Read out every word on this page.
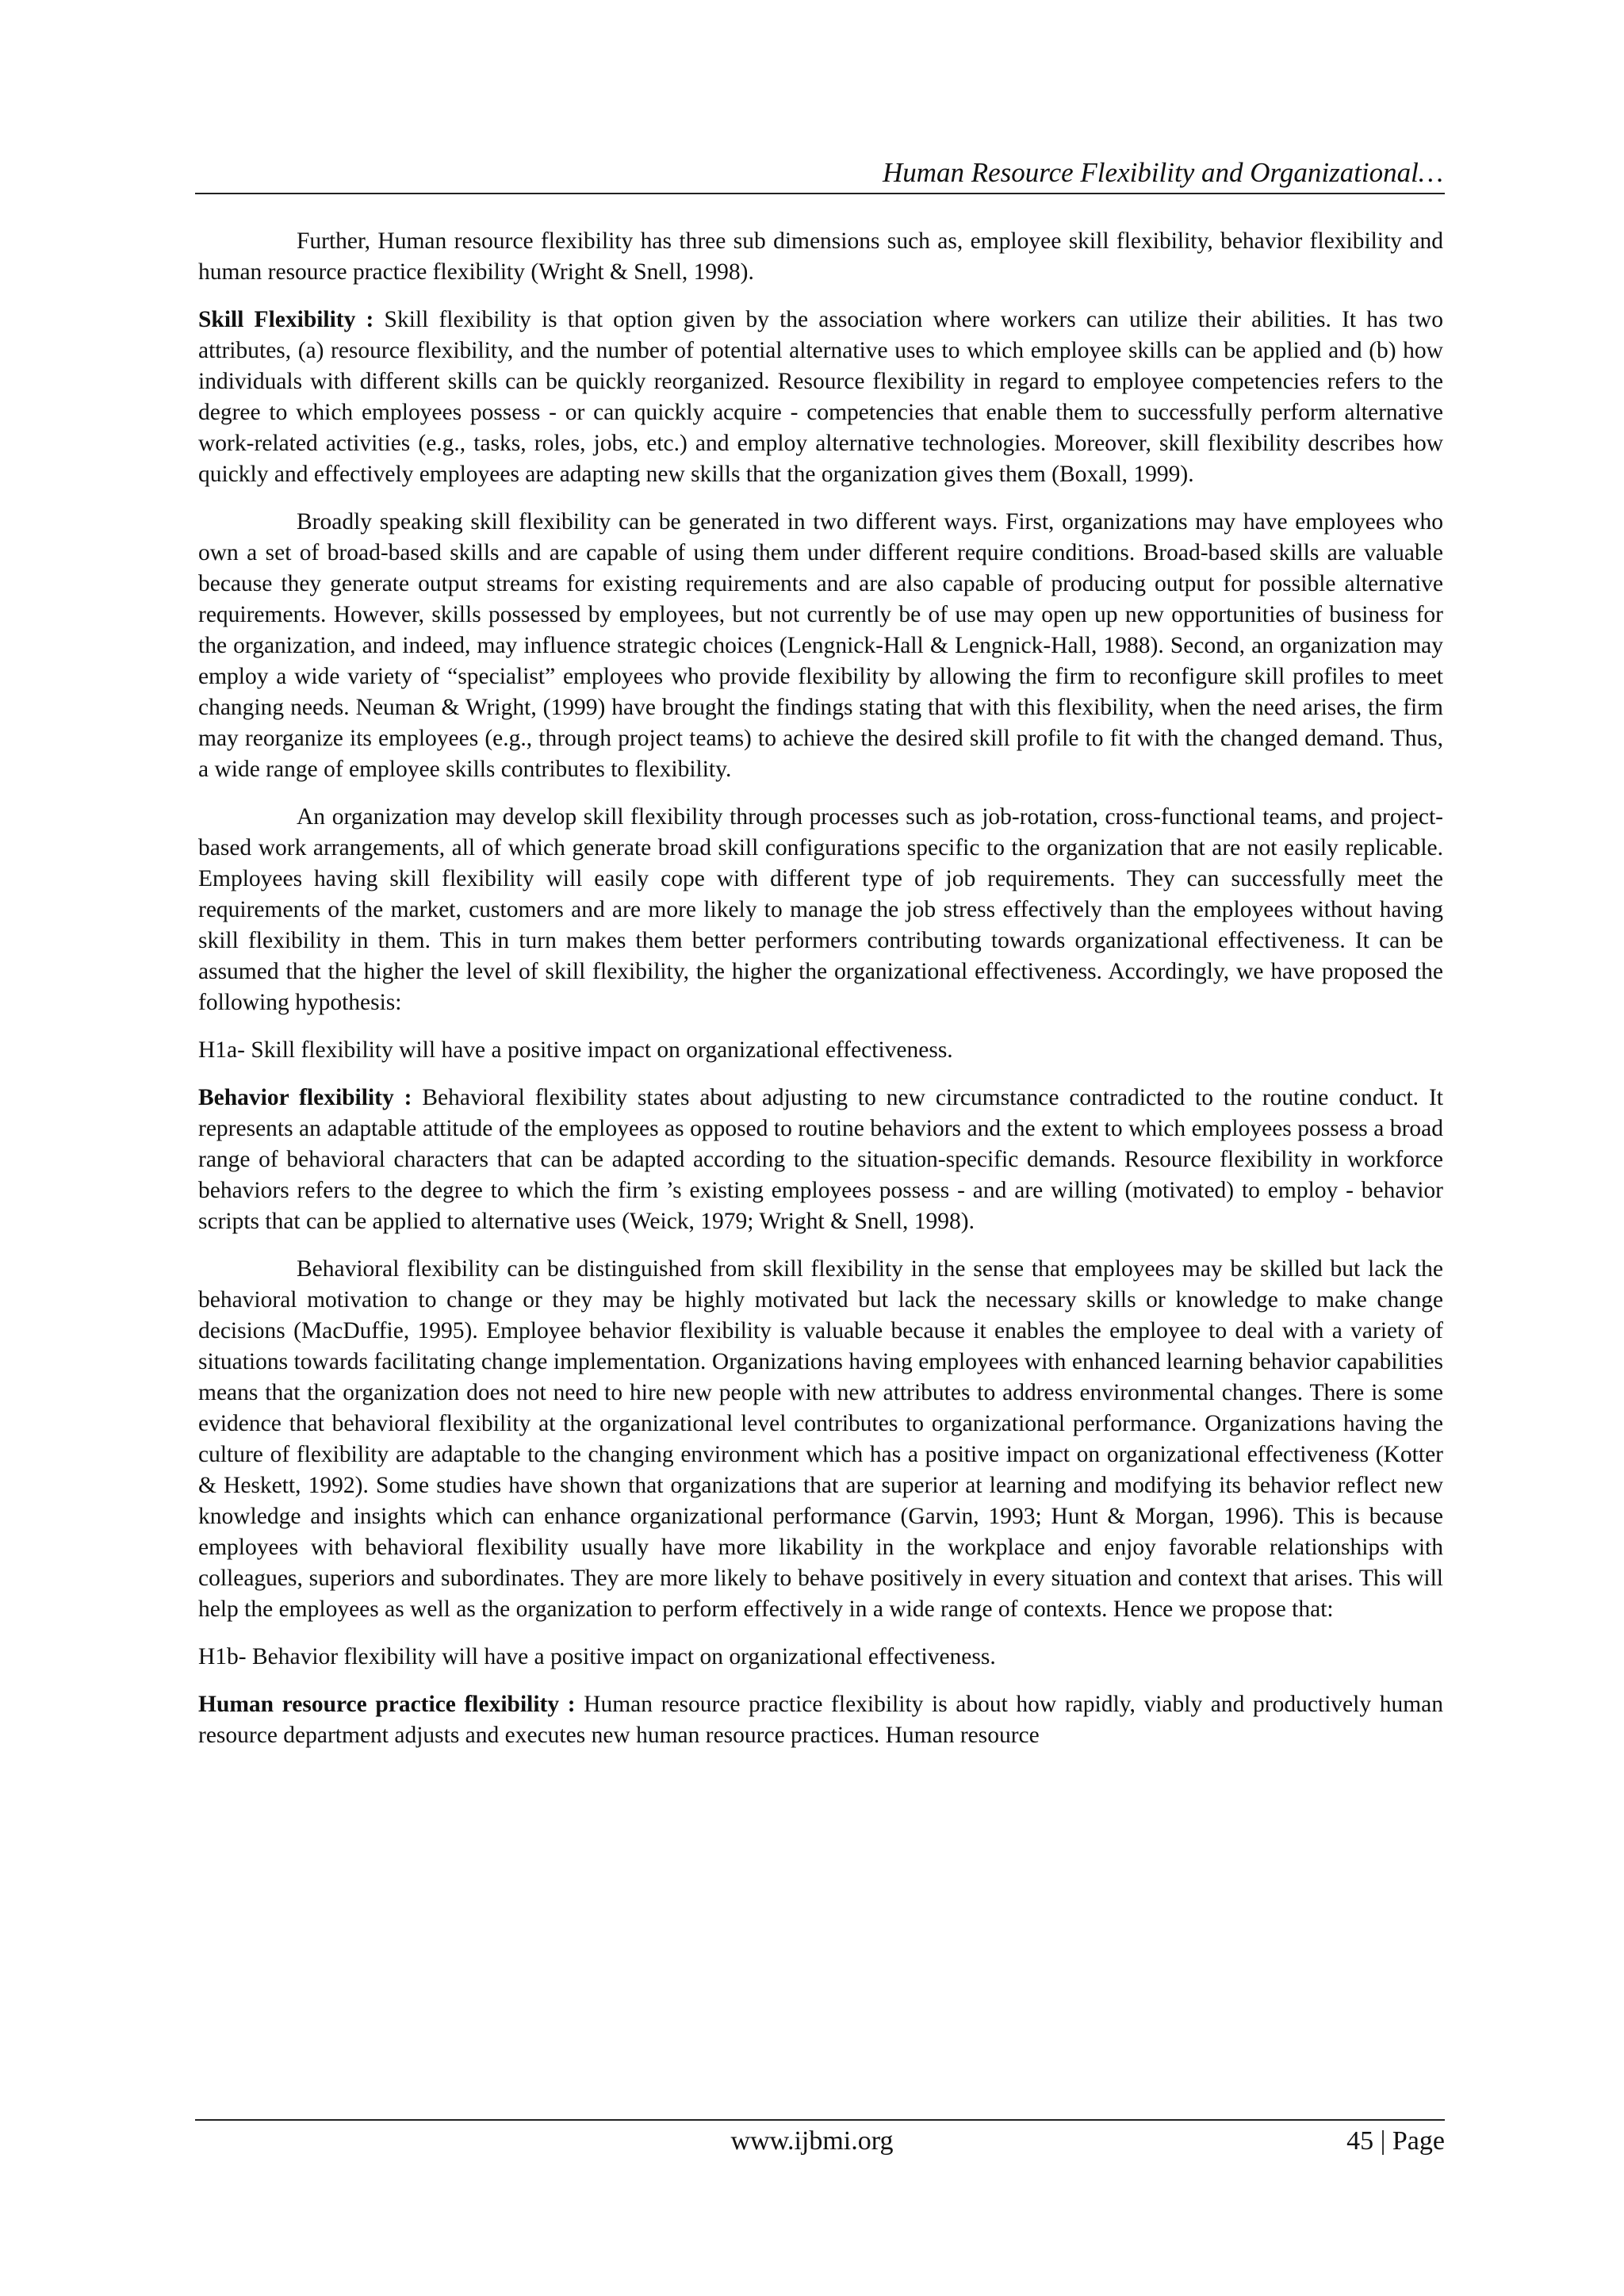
Human Resource Flexibility and Organizational…

Further, Human resource flexibility has three sub dimensions such as, employee skill flexibility, behavior flexibility and human resource practice flexibility (Wright & Snell, 1998).

Skill Flexibility : Skill flexibility is that option given by the association where workers can utilize their abilities. It has two attributes, (a) resource flexibility, and the number of potential alternative uses to which employee skills can be applied and (b) how individuals with different skills can be quickly reorganized. Resource flexibility in regard to employee competencies refers to the degree to which employees possess - or can quickly acquire - competencies that enable them to successfully perform alternative work-related activities (e.g., tasks, roles, jobs, etc.) and employ alternative technologies. Moreover, skill flexibility describes how quickly and effectively employees are adapting new skills that the organization gives them (Boxall, 1999).

Broadly speaking skill flexibility can be generated in two different ways. First, organizations may have employees who own a set of broad-based skills and are capable of using them under different require conditions. Broad-based skills are valuable because they generate output streams for existing requirements and are also capable of producing output for possible alternative requirements. However, skills possessed by employees, but not currently be of use may open up new opportunities of business for the organization, and indeed, may influence strategic choices (Lengnick-Hall & Lengnick-Hall, 1988). Second, an organization may employ a wide variety of “specialist” employees who provide flexibility by allowing the firm to reconfigure skill profiles to meet changing needs. Neuman & Wright, (1999) have brought the findings stating that with this flexibility, when the need arises, the firm may reorganize its employees (e.g., through project teams) to achieve the desired skill profile to fit with the changed demand. Thus, a wide range of employee skills contributes to flexibility.

An organization may develop skill flexibility through processes such as job-rotation, cross-functional teams, and project-based work arrangements, all of which generate broad skill configurations specific to the organization that are not easily replicable. Employees having skill flexibility will easily cope with different type of job requirements. They can successfully meet the requirements of the market, customers and are more likely to manage the job stress effectively than the employees without having skill flexibility in them. This in turn makes them better performers contributing towards organizational effectiveness. It can be assumed that the higher the level of skill flexibility, the higher the organizational effectiveness. Accordingly, we have proposed the following hypothesis:

H1a- Skill flexibility will have a positive impact on organizational effectiveness.

Behavior flexibility : Behavioral flexibility states about adjusting to new circumstance contradicted to the routine conduct. It represents an adaptable attitude of the employees as opposed to routine behaviors and the extent to which employees possess a broad range of behavioral characters that can be adapted according to the situation-specific demands. Resource flexibility in workforce behaviors refers to the degree to which the firm ’s existing employees possess - and are willing (motivated) to employ - behavior scripts that can be applied to alternative uses (Weick, 1979; Wright & Snell, 1998).

Behavioral flexibility can be distinguished from skill flexibility in the sense that employees may be skilled but lack the behavioral motivation to change or they may be highly motivated but lack the necessary skills or knowledge to make change decisions (MacDuffie, 1995). Employee behavior flexibility is valuable because it enables the employee to deal with a variety of situations towards facilitating change implementation. Organizations having employees with enhanced learning behavior capabilities means that the organization does not need to hire new people with new attributes to address environmental changes. There is some evidence that behavioral flexibility at the organizational level contributes to organizational performance. Organizations having the culture of flexibility are adaptable to the changing environment which has a positive impact on organizational effectiveness (Kotter & Heskett, 1992). Some studies have shown that organizations that are superior at learning and modifying its behavior reflect new knowledge and insights which can enhance organizational performance (Garvin, 1993; Hunt & Morgan, 1996). This is because employees with behavioral flexibility usually have more likability in the workplace and enjoy favorable relationships with colleagues, superiors and subordinates. They are more likely to behave positively in every situation and context that arises. This will help the employees as well as the organization to perform effectively in a wide range of contexts. Hence we propose that:

H1b- Behavior flexibility will have a positive impact on organizational effectiveness.

Human resource practice flexibility : Human resource practice flexibility is about how rapidly, viably and productively human resource department adjusts and executes new human resource practices. Human resource

www.ijbmi.org	45 | Page
